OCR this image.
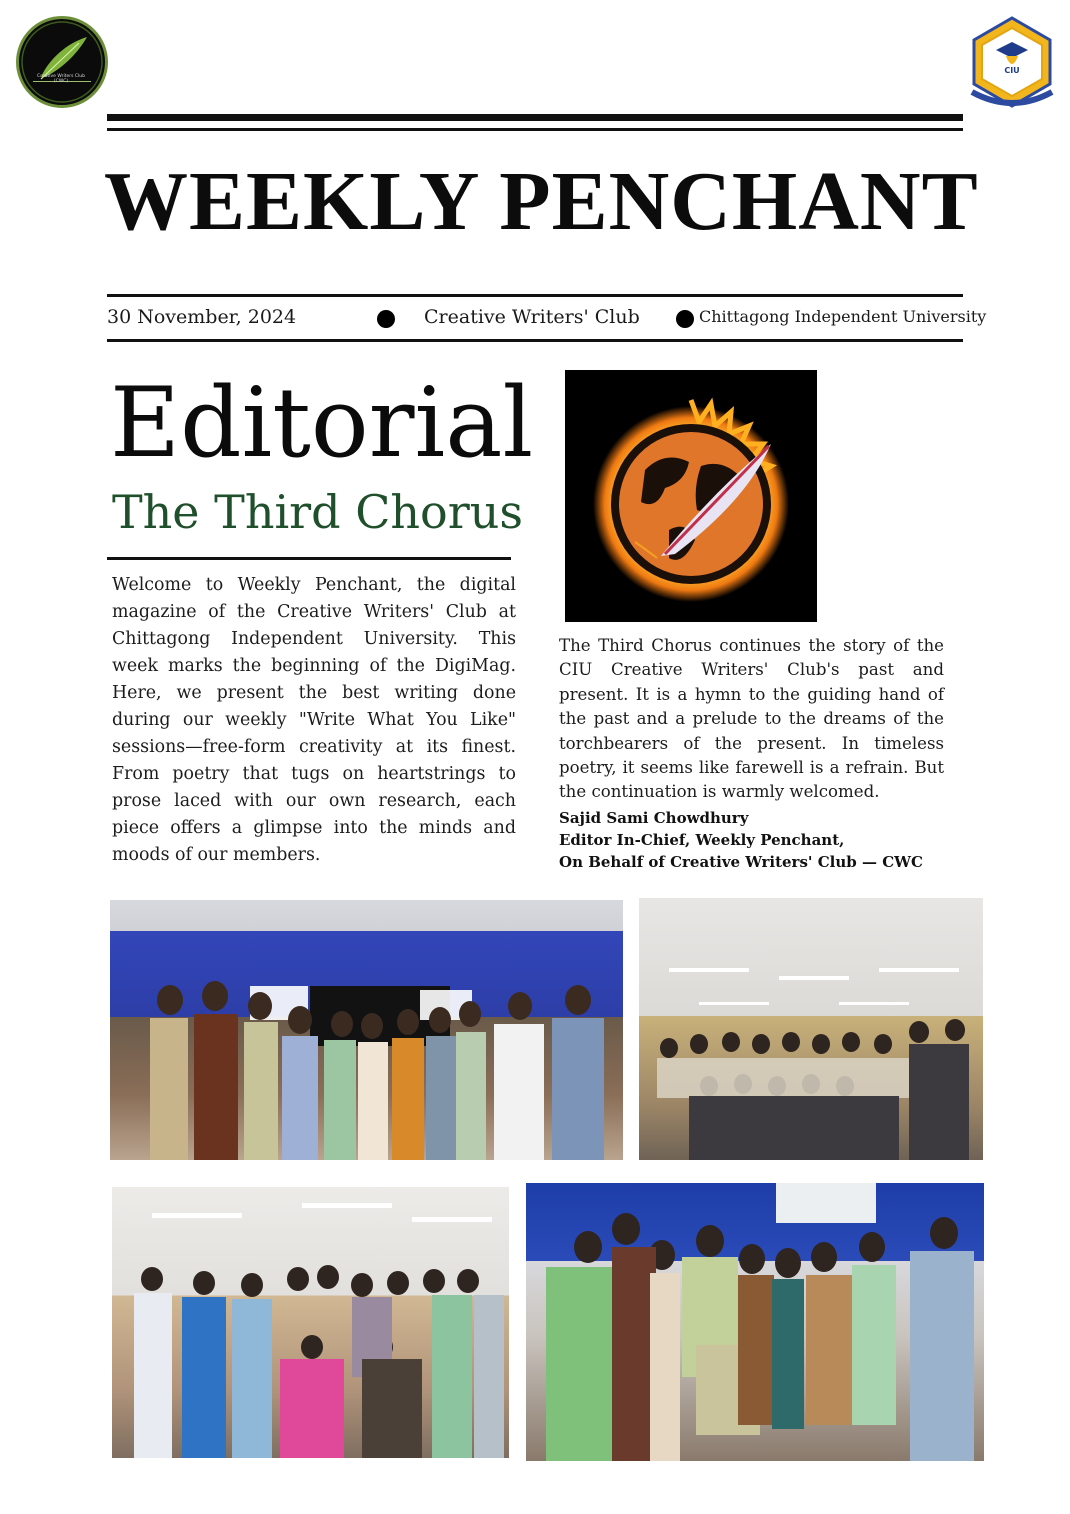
Creative Writers Club
(CWC)
CIU
WEEKLY PENCHANT
30 November, 2024	Creative Writers' Club	Chittagong Independent University
Editorial
The Third Chorus
Welcome to Weekly Penchant, the digital magazine of the Creative Writers' Club at Chittagong Independent University. This week marks the beginning of the DigiMag. Here, we present the best writing done during our weekly "Write What You Like" sessions—free-form creativity at its finest. From poetry that tugs on heartstrings to prose laced with our own research, each piece offers a glimpse into the minds and moods of our members.
The Third Chorus continues the story of the CIU Creative Writers' Club's past and present. It is a hymn to the guiding hand of the past and a prelude to the dreams of the torchbearers of the present. In timeless poetry, it seems like farewell is a refrain. But the continuation is warmly welcomed.
Sajid Sami Chowdhury
Editor In-Chief, Weekly Penchant,
On Behalf of Creative Writers' Club — CWC
